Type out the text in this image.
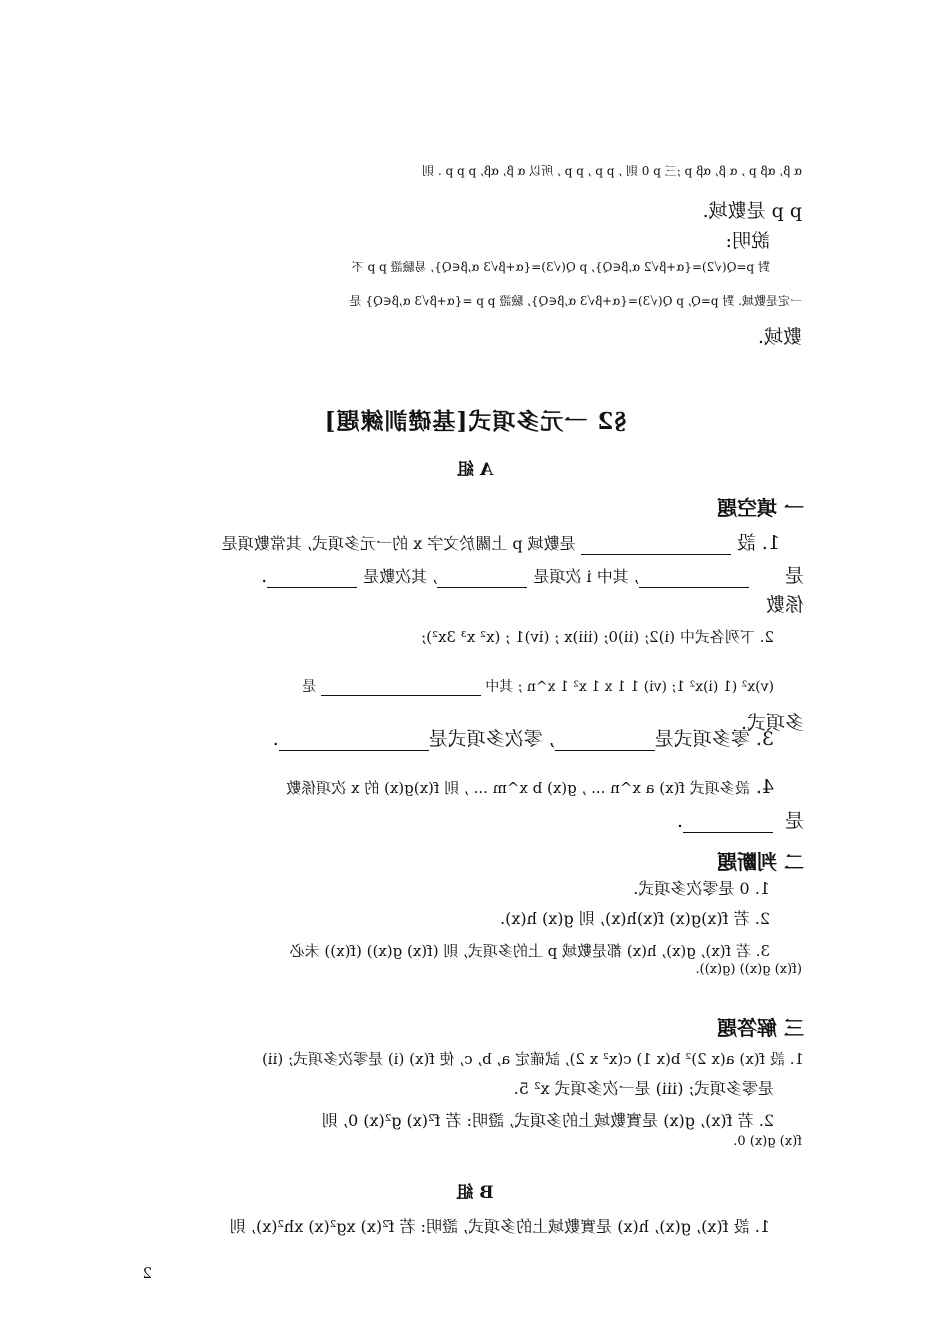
α β, αβ p , α β, αβ p ;三 p 0 則 , p p , p p , 所以 α β, αβ, p p p . 則
p p 是數域.
說明:
對 p=Q(√2)={α+β√2 α,β∈Q}, p Q(√3)={α+β√3 α,β∈Q}, 易驗證 p p 不
一定是數域. 對 p=Q, p Q(√3)={α+β√3 α,β∈Q}, 驗證 p p ={α+β√3 α,β∈Q} 是
數域.
§2 一元多項式[基礎訓練題]
A 組
一 填空題
1. 設  是數域 p 上關於文字 x 的一元多項式, 其常數項是
是 , 其中 i 次項是 , 其次數是 .
係數
2. 下列各式中 (i)2; (ii)0; (iii)x ; (iv)1 ; (x² x³ 3x²);
(v)x² (1 (i)x² 1; (vi) 1 1 x 1 x² 1 x^n ; 其中  是
多項式.
3. 零多項式是, 零次多項式是.
4. 設多項式 f(x) a x^n ... , g(x) b x^m ... , 則 f(x)g(x) 的 x 次項係數
是 .
二 判斷題
1. 0 是零次多項式.
2. 若 f(x)g(x) f(x)h(x), 則 g(x) h(x).
3. 若 f(x), g(x), h(x) 都是數域 p 上的多項式, 則 (f(x) g(x)) (f(x)) 未必
(f(x) g(x)) (g(x)).
三 解答題
1. 設 f(x) a(x 2)² b(x 1) c(x² x 2), 試確定 a, b, c, 使 f(x) (i) 是零次多項式; (ii)
是零多項式; (iii) 是一次多項式 x² 5.
2. 若 f(x), g(x) 是實數域上的多項式, 證明: 若 f²(x) g²(x) 0, 則
f(x) g(x) 0.
B 組
1. 設 f(x), g(x), h(x) 是實數域上的多項式, 證明: 若 f²(x) xg²(x) xh²(x), 則
2
